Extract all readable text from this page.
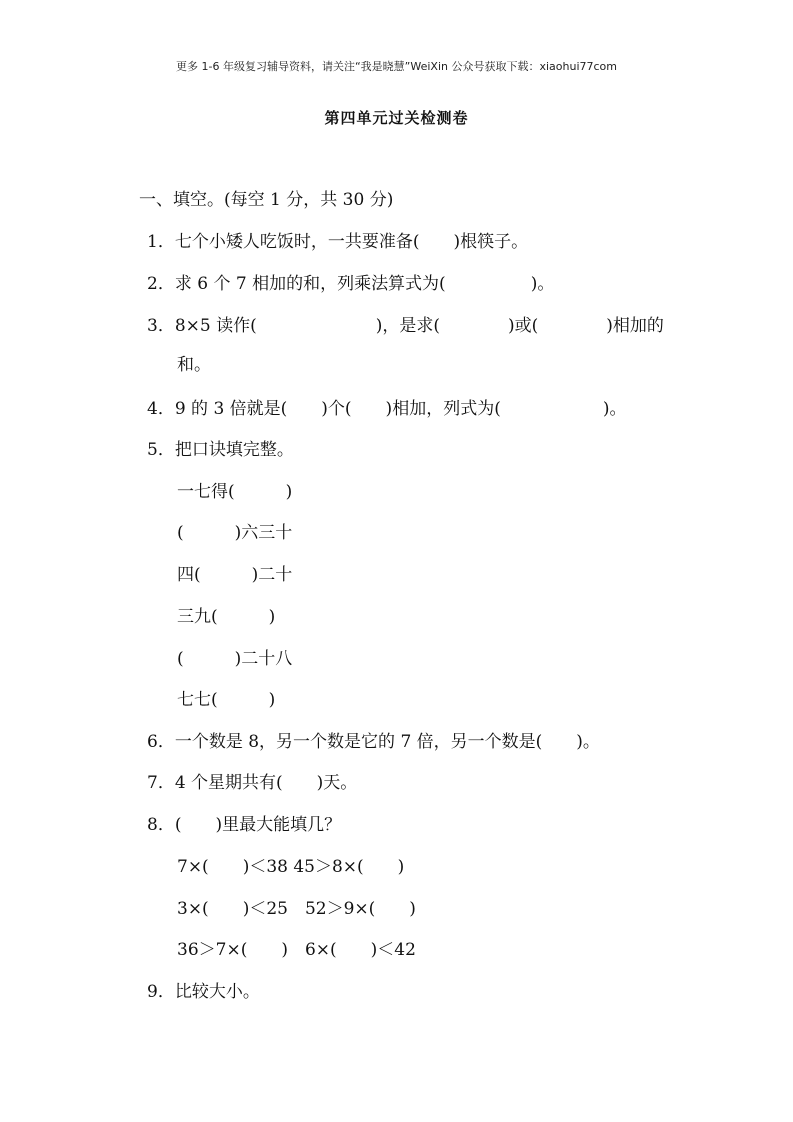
更多 1-6 年级复习辅导资料，请关注“我是晓慧”WeiXin 公众号获取下载：xiaohui77com
第四单元过关检测卷
一、填空。(每空 1 分，共 30 分)
1．七个小矮人吃饭时，一共要准备(　　)根筷子。
2．求 6 个 7 相加的和，列乘法算式为(　　　　　)。
3．8×5 读作(　　　　　　　)，是求(　　　　)或(　　　　)相加的
和。
4．9 的 3 倍就是(　　)个(　　)相加，列式为(　　　　　　)。
5．把口诀填完整。
一七得(　　　)
(　　　)六三十
四(　　　)二十
三九(　　　)
(　　　)二十八
七七(　　　)
6．一个数是 8，另一个数是它的 7 倍，另一个数是(　　)。
7．4 个星期共有(　　)天。
8．(　　)里最大能填几？
7×(　　)＜38 45＞8×(　　)
3×(　　)＜25　52＞9×(　　)
36＞7×(　　)　6×(　　)＜42
9．比较大小。
